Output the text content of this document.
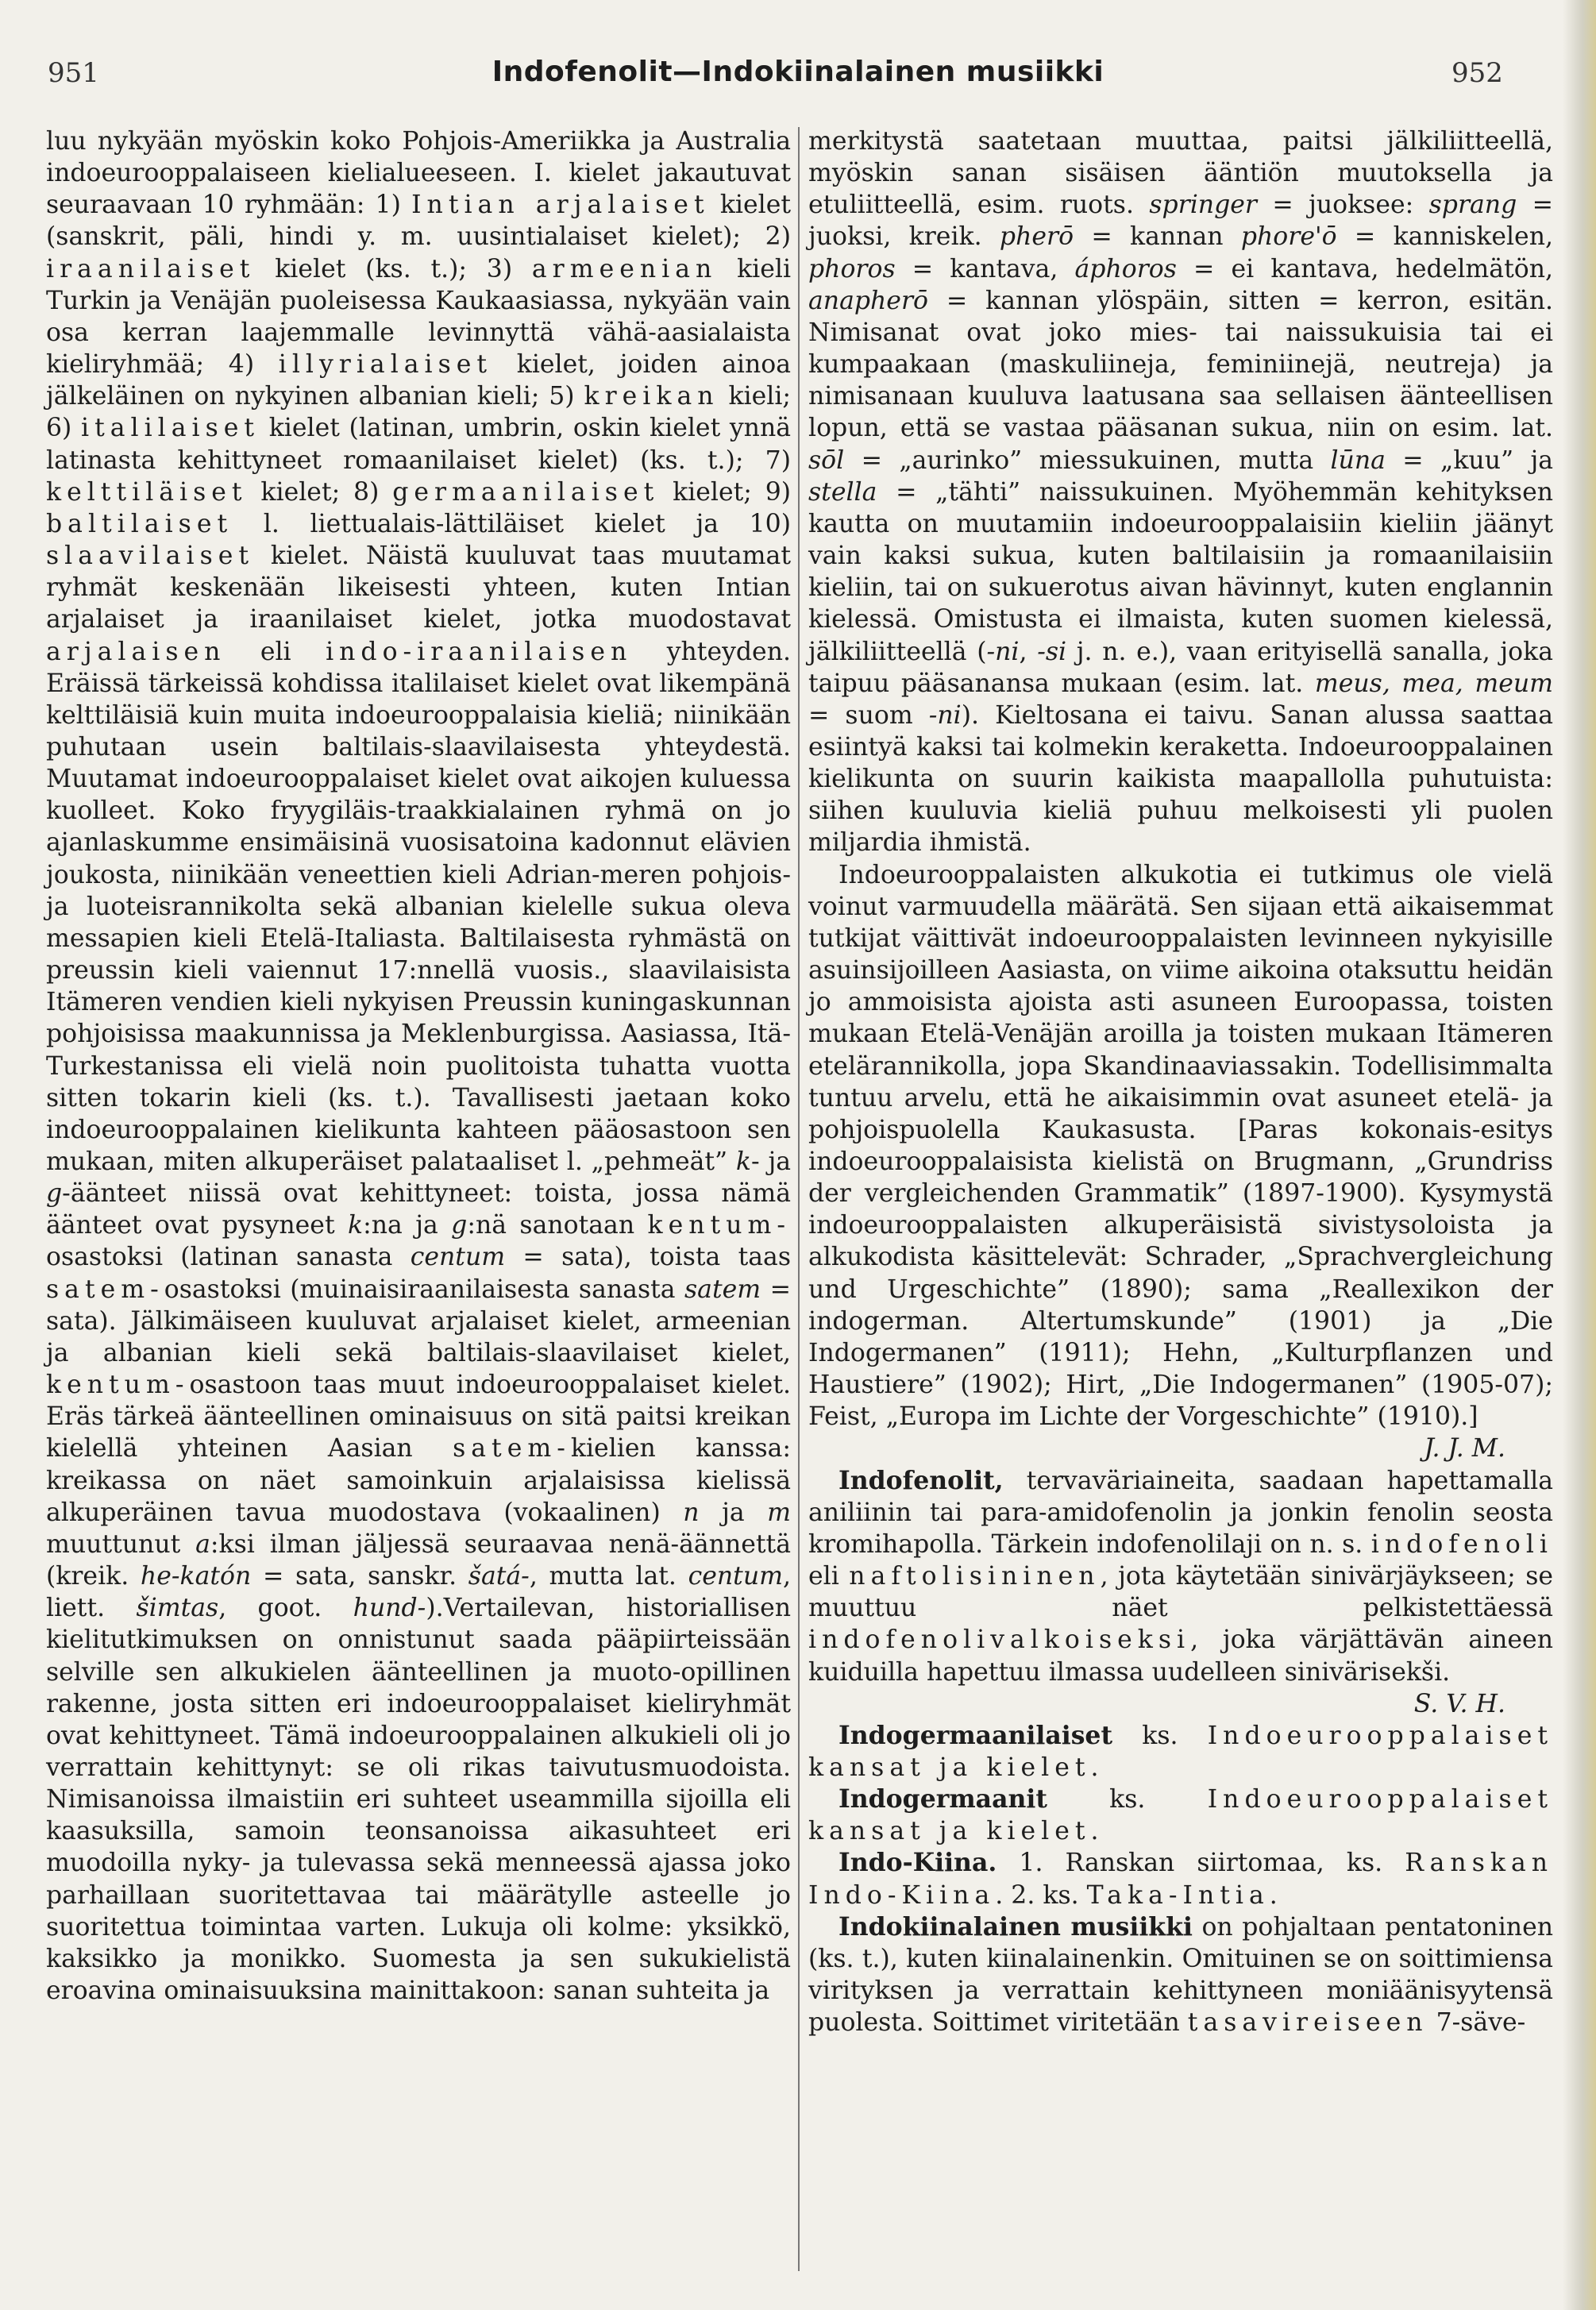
951	Indofenolit—Indokiinalainen musiikki	952

luu nykyään myöskin koko Pohjois-Ameriikka ja Australia indoeurooppalaiseen kielialueeseen. I. kielet jakautuvat seuraavaan 10 ryhmään: 1) Intian arjalaiset kielet (sanskrit, päli, hindi y. m. uusintialaiset kielet); 2) iraanilaiset kielet (ks. t.); 3) armeenian kieli Turkin ja Venäjän puoleisessa Kaukaasiassa, nykyään vain osa kerran laajemmalle levinnyttä vähä-aasialaista kieliryhmää; 4) illyrialaiset kielet, joiden ainoa jälkeläinen on nykyinen albanian kieli; 5) kreikan kieli; 6) italilaiset kielet (latinan, umbrin, oskin kielet ynnä latinasta kehittyneet romaanilaiset kielet) (ks. t.); 7) kelttiläiset kielet; 8) germaanilaiset kielet; 9) baltilaiset l. liettualais-lättiläiset kielet ja 10) slaavilaiset kielet. Näistä kuuluvat taas muutamat ryhmät keskenään likeisesti yhteen, kuten Intian arjalaiset ja iraanilaiset kielet, jotka muodostavat arjalaisen eli indo-iraanilaisen yhteyden. Eräissä tärkeissä kohdissa italilaiset kielet ovat likempänä kelttiläisiä kuin muita indoeurooppalaisia kieliä; niinikään puhutaan usein baltilais-slaavilaisesta yhteydestä. Muutamat indoeurooppalaiset kielet ovat aikojen kuluessa kuolleet. Koko fryygiläis-traakkialainen ryhmä on jo ajanlaskumme ensimäisinä vuosisatoina kadonnut elävien joukosta, niinikään veneettien kieli Adrian-meren pohjois- ja luoteisrannikolta sekä albanian kielelle sukua oleva messapien kieli Etelä-Italiasta. Baltilaisesta ryhmästä on preussin kieli vaiennut 17:nnellä vuosis., slaavilaisista Itämeren vendien kieli nykyisen Preussin kuningaskunnan pohjoisissa maakunnissa ja Meklenburgissa. Aasiassa, Itä-Turkestanissa eli vielä noin puolitoista tuhatta vuotta sitten tokarin kieli (ks. t.). Tavallisesti jaetaan koko indoeurooppalainen kielikunta kahteen pääosastoon sen mukaan, miten alkuperäiset palataaliset l. „pehmeät” k- ja g-äänteet niissä ovat kehittyneet: toista, jossa nämä äänteet ovat pysyneet k:na ja g:nä sanotaan kentum-osastoksi (latinan sanasta centum = sata), toista taas satem-osastoksi (muinaisiraanilaisesta sanasta satem = sata). Jälkimäiseen kuuluvat arjalaiset kielet, armeenian ja albanian kieli sekä baltilais-slaavilaiset kielet, kentum-osastoon taas muut indoeurooppalaiset kielet. Eräs tärkeä äänteellinen ominaisuus on sitä paitsi kreikan kielellä yhteinen Aasian satem-kielien kanssa: kreikassa on näet samoinkuin arjalaisissa kielissä alkuperäinen tavua muodostava (vokaalinen) n ja m muuttunut a:ksi ilman jäljessä seuraavaa nenä-äännettä (kreik. he-katón = sata, sanskr. šatá-, mutta lat. centum, liett. šimtas, goot. hund-).Vertailevan, historiallisen kielitutkimuksen on onnistunut saada pääpiirteissään selville sen alkukielen äänteellinen ja muoto-opillinen rakenne, josta sitten eri indoeurooppalaiset kieliryhmät ovat kehittyneet. Tämä indoeurooppalainen alkukieli oli jo verrattain kehittynyt: se oli rikas taivutusmuodoista. Nimisanoissa ilmaistiin eri suhteet useammilla sijoilla eli kaasuksilla, samoin teonsanoissa aikasuhteet eri muodoilla nyky- ja tulevassa sekä menneessä ajassa joko parhaillaan suoritettavaa tai määrätylle asteelle jo suoritettua toimintaa varten. Lukuja oli kolme: yksikkö, kaksikko ja monikko. Suomesta ja sen sukukielistä eroavina ominaisuuksina mainittakoon: sanan suhteita ja

merkitystä saatetaan muuttaa, paitsi jälkiliitteellä, myöskin sanan sisäisen ääntiön muutoksella ja etuliitteellä, esim. ruots. springer = juoksee: sprang = juoksi, kreik. pherō = kannan phore'ō = kanniskelen, phoros = kantava, áphoros = ei kantava, hedelmätön, anapherō = kannan ylöspäin, sitten = kerron, esitän. Nimisanat ovat joko mies- tai naissukuisia tai ei kumpaakaan (maskuliineja, feminiinejä, neutreja) ja nimisanaan kuuluva laatusana saa sellaisen äänteellisen lopun, että se vastaa pääsanan sukua, niin on esim. lat. sōl = „aurinko” miessukuinen, mutta lūna = „kuu” ja stella = „tähti” naissukuinen. Myöhemmän kehityksen kautta on muutamiin indoeurooppalaisiin kieliin jäänyt vain kaksi sukua, kuten baltilaisiin ja romaanilaisiin kieliin, tai on sukuerotus aivan hävinnyt, kuten englannin kielessä. Omistusta ei ilmaista, kuten suomen kielessä, jälkiliitteellä (-ni, -si j. n. e.), vaan erityisellä sanalla, joka taipuu pääsanansa mukaan (esim. lat. meus, mea, meum = suom -ni). Kieltosana ei taivu. Sanan alussa saattaa esiintyä kaksi tai kolmekin keraketta. Indoeurooppalainen kielikunta on suurin kaikista maapallolla puhutuista: siihen kuuluvia kieliä puhuu melkoisesti yli puolen miljardia ihmistä.

Indoeurooppalaisten alkukotia ei tutkimus ole vielä voinut varmuudella määrätä. Sen sijaan että aikaisemmat tutkijat väittivät indoeurooppalaisten levinneen nykyisille asuinsijoilleen Aasiasta, on viime aikoina otaksuttu heidän jo ammoisista ajoista asti asuneen Euroopassa, toisten mukaan Etelä-Venäjän aroilla ja toisten mukaan Itämeren etelärannikolla, jopa Skandinaaviassakin. Todellisimmalta tuntuu arvelu, että he aikaisimmin ovat asuneet etelä- ja pohjoispuolella Kaukasusta. [Paras kokonais-esitys indoeurooppalaisista kielistä on Brugmann, „Grundriss der vergleichenden Grammatik” (1897-1900). Kysymystä indoeurooppalaisten alkuperäisistä sivistysoloista ja alkukodista käsittelevät: Schrader, „Sprachvergleichung und Urgeschichte” (1890); sama „Reallexikon der indogerman. Altertumskunde” (1901) ja „Die Indogermanen” (1911); Hehn, „Kulturpflanzen und Haustiere” (1902); Hirt, „Die Indogermanen” (1905-07); Feist, „Europa im Lichte der Vorgeschichte” (1910).]

J. J. M.

Indofenolit, tervaväriaineita, saadaan hapettamalla aniliinin tai para-amidofenolin ja jonkin fenolin seosta kromihapolla. Tärkein indofenolilaji on n. s. indofenoli eli naftolisininen, jota käytetään sinivärjäykseen; se muuttuu näet pelkistettäessä indofenolivalkoiseksi, joka värjättävän aineen kuiduilla hapettuu ilmassa uudelleen sinivärisekši.

S. V. H.

Indogermaanilaiset ks. Indoeurooppalaiset kansat ja kielet.

Indogermaanit ks. Indoeurooppalaiset kansat ja kielet.

Indo-Kiina. 1. Ranskan siirtomaa, ks. Ranskan Indo-Kiina. 2. ks. Taka-Intia.

Indokiinalainen musiikki on pohjaltaan pentatoninen (ks. t.), kuten kiinalainenkin. Omituinen se on soittimiensa virityksen ja verrattain kehittyneen moniäänisyytensä puolesta. Soittimet viritetään tasavireiseen 7-säve-
